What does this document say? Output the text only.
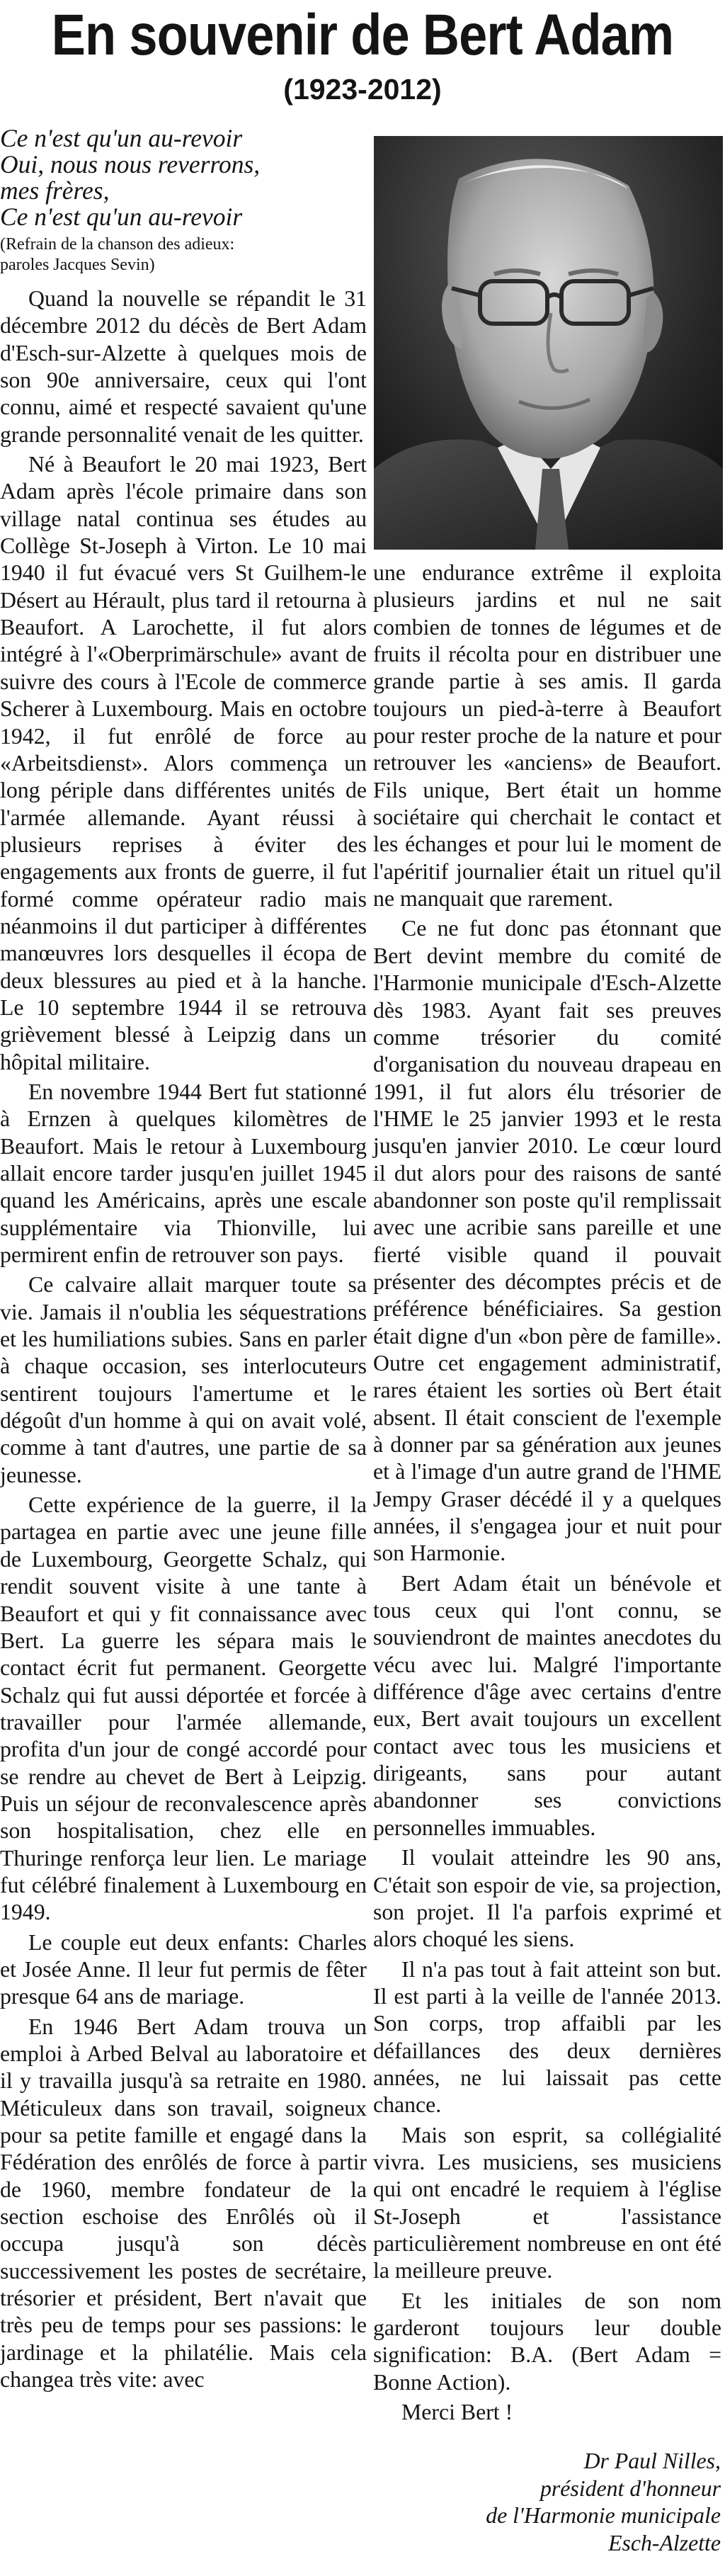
En souvenir de Bert Adam
(1923-2012)
Ce n'est qu'un au-revoir
Oui, nous nous reverrons,
mes frères,
Ce n'est qu'un au-revoir
(Refrain de la chanson des adieux:
paroles Jacques Sevin)

Quand la nouvelle se répandit le 31 décembre 2012 du décès de Bert Adam d'Esch-sur-Alzette à quelques mois de son 90e anniversaire, ceux qui l'ont connu, aimé et respecté savaient qu'une grande personnalité venait de les quitter.

Né à Beaufort le 20 mai 1923, Bert Adam après l'école primaire dans son village natal continua ses études au Collège St-Joseph à Virton. Le 10 mai 1940 il fut évacué vers St Guilhem-le Désert au Hérault, plus tard il retourna à Beaufort. A Larochette, il fut alors intégré à l'«Oberprimärschule» avant de suivre des cours à l'Ecole de commerce Scherer à Luxembourg. Mais en octobre 1942, il fut enrôlé de force au «Arbeitsdienst». Alors commença un long périple dans différentes unités de l'armée allemande. Ayant réussi à plusieurs reprises à éviter des engagements aux fronts de guerre, il fut formé comme opérateur radio mais néanmoins il dut participer à différentes manœuvres lors desquelles il écopa de deux blessures au pied et à la hanche. Le 10 septembre 1944 il se retrouva grièvement blessé à Leipzig dans un hôpital militaire.

En novembre 1944 Bert fut stationné à Ernzen à quelques kilomètres de Beaufort. Mais le retour à Luxembourg allait encore tarder jusqu'en juillet 1945 quand les Américains, après une escale supplémentaire via Thionville, lui permirent enfin de retrouver son pays.

Ce calvaire allait marquer toute sa vie. Jamais il n'oublia les séquestrations et les humiliations subies. Sans en parler à chaque occasion, ses interlocuteurs sentirent toujours l'amertume et le dégoût d'un homme à qui on avait volé, comme à tant d'autres, une partie de sa jeunesse.

Cette expérience de la guerre, il la partagea en partie avec une jeune fille de Luxembourg, Georgette Schalz, qui rendit souvent visite à une tante à Beaufort et qui y fit connaissance avec Bert. La guerre les sépara mais le contact écrit fut permanent. Georgette Schalz qui fut aussi déportée et forcée à travailler pour l'armée allemande, profita d'un jour de congé accordé pour se rendre au chevet de Bert à Leipzig. Puis un séjour de reconvalescence après son hospitalisation, chez elle en Thuringe renforça leur lien. Le mariage fut célébré finalement à Luxembourg en 1949.

Le couple eut deux enfants: Charles et Josée Anne. Il leur fut permis de fêter presque 64 ans de mariage.

En 1946 Bert Adam trouva un emploi à Arbed Belval au laboratoire et il y travailla jusqu'à sa retraite en 1980. Méticuleux dans son travail, soigneux pour sa petite famille et engagé dans la Fédération des enrôlés de force à partir de 1960, membre fondateur de la section eschoise des Enrôlés où il occupa jusqu'à son décès successivement les postes de secrétaire, trésorier et président, Bert n'avait que très peu de temps pour ses passions: le jardinage et la philatélie. Mais cela changea très vite: avec

une endurance extrême il exploita plusieurs jardins et nul ne sait combien de tonnes de légumes et de fruits il récolta pour en distribuer une grande partie à ses amis. Il garda toujours un pied-à-terre à Beaufort pour rester proche de la nature et pour retrouver les «anciens» de Beaufort. Fils unique, Bert était un homme sociétaire qui cherchait le contact et les échanges et pour lui le moment de l'apéritif journalier était un rituel qu'il ne manquait que rarement.

Ce ne fut donc pas étonnant que Bert devint membre du comité de l'Harmonie municipale d'Esch-Alzette dès 1983. Ayant fait ses preuves comme trésorier du comité d'organisation du nouveau drapeau en 1991, il fut alors élu trésorier de l'HME le 25 janvier 1993 et le resta jusqu'en janvier 2010. Le cœur lourd il dut alors pour des raisons de santé abandonner son poste qu'il remplissait avec une acribie sans pareille et une fierté visible quand il pouvait présenter des décomptes précis et de préférence bénéficiaires. Sa gestion était digne d'un «bon père de famille». Outre cet engagement administratif, rares étaient les sorties où Bert était absent. Il était conscient de l'exemple à donner par sa génération aux jeunes et à l'image d'un autre grand de l'HME Jempy Graser décédé il y a quelques années, il s'engagea jour et nuit pour son Harmonie.

Bert Adam était un bénévole et tous ceux qui l'ont connu, se souviendront de maintes anecdotes du vécu avec lui. Malgré l'importante différence d'âge avec certains d'entre eux, Bert avait toujours un excellent contact avec tous les musiciens et dirigeants, sans pour autant abandonner ses convictions personnelles immuables.

Il voulait atteindre les 90 ans, C'était son espoir de vie, sa projection, son projet. Il l'a parfois exprimé et alors choqué les siens.

Il n'a pas tout à fait atteint son but. Il est parti à la veille de l'année 2013. Son corps, trop affaibli par les défaillances des deux dernières années, ne lui laissait pas cette chance.

Mais son esprit, sa collégialité vivra. Les musiciens, ses musiciens qui ont encadré le requiem à l'église St-Joseph et l'assistance particulièrement nombreuse en ont été la meilleure preuve.

Et les initiales de son nom garderont toujours leur double signification: B.A. (Bert Adam = Bonne Action).

Merci Bert !

Dr Paul Nilles,
président d'honneur
de l'Harmonie municipale
Esch-Alzette
